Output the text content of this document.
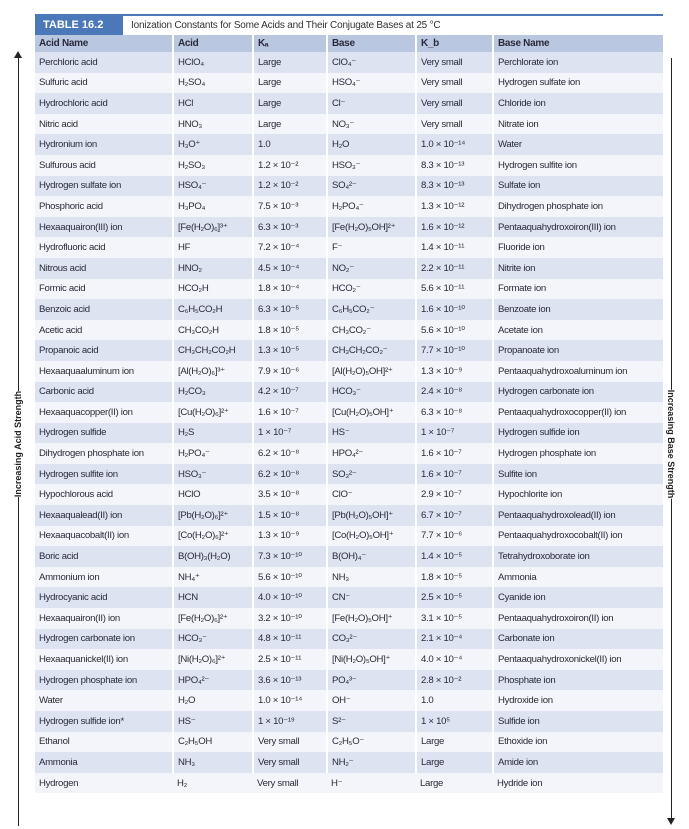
TABLE 16.2	Ionization Constants for Some Acids and Their Conjugate Bases at 25 °C
Acid Name	Acid	Kₐ	Base	K_b	Base Name
Perchloric acid	HClO₄	Large	ClO₄⁻	Very small	Perchlorate ion
Sulfuric acid	H₂SO₄	Large	HSO₄⁻	Very small	Hydrogen sulfate ion
Hydrochloric acid	HCl	Large	Cl⁻	Very small	Chloride ion
Nitric acid	HNO₃	Large	NO₃⁻	Very small	Nitrate ion
Hydronium ion	H₃O⁺	1.0	H₂O	1.0 × 10⁻¹⁴	Water
Sulfurous acid	H₂SO₃	1.2 × 10⁻²	HSO₃⁻	8.3 × 10⁻¹³	Hydrogen sulfite ion
Hydrogen sulfate ion	HSO₄⁻	1.2 × 10⁻²	SO₄²⁻	8.3 × 10⁻¹³	Sulfate ion
Phosphoric acid	H₃PO₄	7.5 × 10⁻³	H₂PO₄⁻	1.3 × 10⁻¹²	Dihydrogen phosphate ion
Hexaaquairon(III) ion	[Fe(H₂O)₆]³⁺	6.3 × 10⁻³	[Fe(H₂O)₅OH]²⁺	1.6 × 10⁻¹²	Pentaaquahydroxoiron(III) ion
Hydrofluoric acid	HF	7.2 × 10⁻⁴	F⁻	1.4 × 10⁻¹¹	Fluoride ion
Nitrous acid	HNO₂	4.5 × 10⁻⁴	NO₂⁻	2.2 × 10⁻¹¹	Nitrite ion
Formic acid	HCO₂H	1.8 × 10⁻⁴	HCO₂⁻	5.6 × 10⁻¹¹	Formate ion
Benzoic acid	C₆H₅CO₂H	6.3 × 10⁻⁵	C₆H₅CO₂⁻	1.6 × 10⁻¹⁰	Benzoate ion
Acetic acid	CH₃CO₂H	1.8 × 10⁻⁵	CH₃CO₂⁻	5.6 × 10⁻¹⁰	Acetate ion
Propanoic acid	CH₃CH₂CO₂H	1.3 × 10⁻⁵	CH₃CH₂CO₂⁻	7.7 × 10⁻¹⁰	Propanoate ion
Hexaaquaaluminum ion	[Al(H₂O)₆]³⁺	7.9 × 10⁻⁶	[Al(H₂O)₅OH]²⁺	1.3 × 10⁻⁹	Pentaaquahydroxoaluminum ion
Carbonic acid	H₂CO₃	4.2 × 10⁻⁷	HCO₃⁻	2.4 × 10⁻⁸	Hydrogen carbonate ion
Hexaaquacopper(II) ion	[Cu(H₂O)₆]²⁺	1.6 × 10⁻⁷	[Cu(H₂O)₅OH]⁺	6.3 × 10⁻⁸	Pentaaquahydroxocopper(II) ion
Hydrogen sulfide	H₂S	1 × 10⁻⁷	HS⁻	1 × 10⁻⁷	Hydrogen sulfide ion
Dihydrogen phosphate ion	H₂PO₄⁻	6.2 × 10⁻⁸	HPO₄²⁻	1.6 × 10⁻⁷	Hydrogen phosphate ion
Hydrogen sulfite ion	HSO₃⁻	6.2 × 10⁻⁸	SO₃²⁻	1.6 × 10⁻⁷	Sulfite ion
Hypochlorous acid	HClO	3.5 × 10⁻⁸	ClO⁻	2.9 × 10⁻⁷	Hypochlorite ion
Hexaaqualead(II) ion	[Pb(H₂O)₆]²⁺	1.5 × 10⁻⁸	[Pb(H₂O)₅OH]⁺	6.7 × 10⁻⁷	Pentaaquahydroxolead(II) ion
Hexaaquacobalt(II) ion	[Co(H₂O)₆]²⁺	1.3 × 10⁻⁹	[Co(H₂O)₅OH]⁺	7.7 × 10⁻⁶	Pentaaquahydroxocobalt(II) ion
Boric acid	B(OH)₃(H₂O)	7.3 × 10⁻¹⁰	B(OH)₄⁻	1.4 × 10⁻⁵	Tetrahydroxoborate ion
Ammonium ion	NH₄⁺	5.6 × 10⁻¹⁰	NH₃	1.8 × 10⁻⁵	Ammonia
Hydrocyanic acid	HCN	4.0 × 10⁻¹⁰	CN⁻	2.5 × 10⁻⁵	Cyanide ion
Hexaaquairon(II) ion	[Fe(H₂O)₆]²⁺	3.2 × 10⁻¹⁰	[Fe(H₂O)₅OH]⁺	3.1 × 10⁻⁵	Pentaaquahydroxoiron(II) ion
Hydrogen carbonate ion	HCO₃⁻	4.8 × 10⁻¹¹	CO₃²⁻	2.1 × 10⁻⁴	Carbonate ion
Hexaaquanickel(II) ion	[Ni(H₂O)₆]²⁺	2.5 × 10⁻¹¹	[Ni(H₂O)₅OH]⁺	4.0 × 10⁻⁴	Pentaaquahydroxonickel(II) ion
Hydrogen phosphate ion	HPO₄²⁻	3.6 × 10⁻¹³	PO₄³⁻	2.8 × 10⁻²	Phosphate ion
Water	H₂O	1.0 × 10⁻¹⁴	OH⁻	1.0	Hydroxide ion
Hydrogen sulfide ion*	HS⁻	1 × 10⁻¹⁹	S²⁻	1 × 10⁵	Sulfide ion
Ethanol	C₂H₅OH	Very small	C₂H₅O⁻	Large	Ethoxide ion
Ammonia	NH₃	Very small	NH₂⁻	Large	Amide ion
Hydrogen	H₂	Very small	H⁻	Large	Hydride ion
Increasing Acid Strength	Increasing Base Strength
